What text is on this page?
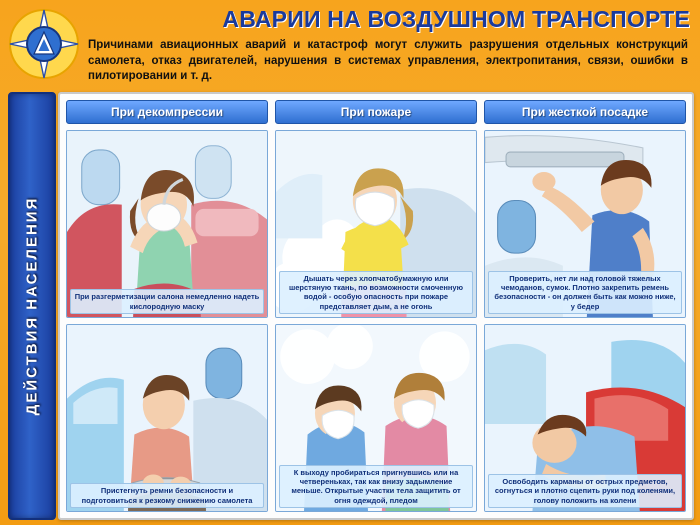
АВАРИИ НА ВОЗДУШНОМ ТРАНСПОРТЕ
Причинами авиационных аварий и катастроф могут служить разрушения отдельных конструкций самолета, отказ двигателей, нарушения в системах управления, электропитания, связи, ошибки в пилотировании и т. д.
ДЕЙСТВИЯ НАСЕЛЕНИЯ
При декомпрессии
При разгерметизации салона немедленно надеть кислородную маску
Пристегнуть ремни безопасности и подготовиться к резкому снижению самолета
При пожаре
Дышать через хлопчатобумажную или шерстяную ткань, по возможности смоченную водой - особую опасность при пожаре представляет дым, а не огонь
К выходу пробираться пригнувшись или на четвереньках, так как внизу задымление меньше. Открытые участки тела защитить от огня одеждой, пледом
При жесткой посадке
Проверить, нет ли над головой тяжелых чемоданов, сумок. Плотно закрепить ремень безопасности - он должен быть как можно ниже, у бедер
Освободить карманы от острых предметов, согнуться и плотно сцепить руки под коленями, голову положить на колени
